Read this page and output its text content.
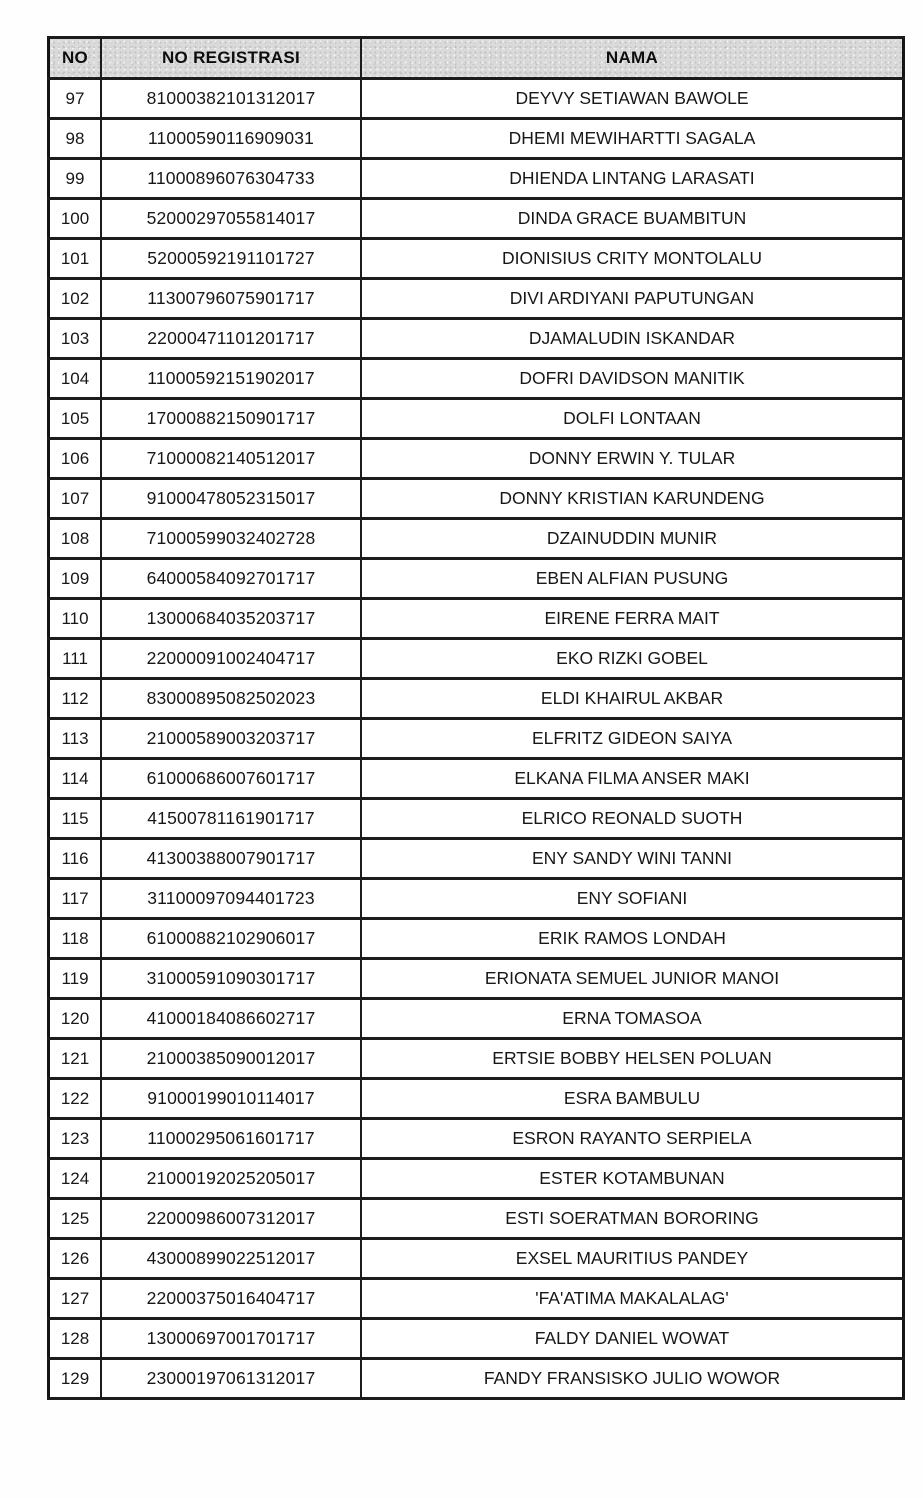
NO	NO REGISTRASI	NAMA
97	81000382101312017	DEYVY SETIAWAN BAWOLE
98	11000590116909031	DHEMI MEWIHARTTI SAGALA
99	11000896076304733	DHIENDA LINTANG LARASATI
100	52000297055814017	DINDA GRACE BUAMBITUN
101	52000592191101727	DIONISIUS CRITY MONTOLALU
102	11300796075901717	DIVI ARDIYANI PAPUTUNGAN
103	22000471101201717	DJAMALUDIN ISKANDAR
104	11000592151902017	DOFRI DAVIDSON MANITIK
105	17000882150901717	DOLFI LONTAAN
106	71000082140512017	DONNY ERWIN Y. TULAR
107	91000478052315017	DONNY KRISTIAN KARUNDENG
108	71000599032402728	DZAINUDDIN MUNIR
109	64000584092701717	EBEN ALFIAN PUSUNG
110	13000684035203717	EIRENE FERRA MAIT
111	22000091002404717	EKO RIZKI GOBEL
112	83000895082502023	ELDI KHAIRUL AKBAR
113	21000589003203717	ELFRITZ GIDEON SAIYA
114	61000686007601717	ELKANA FILMA ANSER MAKI
115	41500781161901717	ELRICO REONALD SUOTH
116	41300388007901717	ENY SANDY WINI TANNI
117	31100097094401723	ENY SOFIANI
118	61000882102906017	ERIK RAMOS LONDAH
119	31000591090301717	ERIONATA SEMUEL JUNIOR MANOI
120	41000184086602717	ERNA TOMASOA
121	21000385090012017	ERTSIE BOBBY HELSEN POLUAN
122	91000199010114017	ESRA BAMBULU
123	11000295061601717	ESRON RAYANTO SERPIELA
124	21000192025205017	ESTER KOTAMBUNAN
125	22000986007312017	ESTI SOERATMAN BORORING
126	43000899022512017	EXSEL MAURITIUS PANDEY
127	22000375016404717	'FA'ATIMA MAKALALAG'
128	13000697001701717	FALDY DANIEL WOWAT
129	23000197061312017	FANDY FRANSISKO JULIO WOWOR
